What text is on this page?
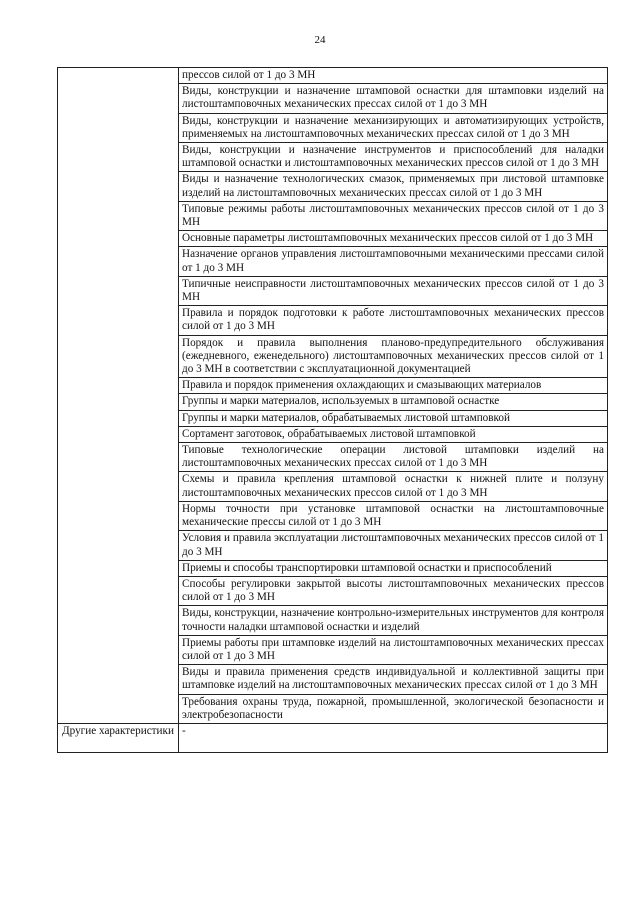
24
	прессов силой от 1 до 3 МН
	Виды, конструкции и назначение штамповой оснастки для штамповки изделий на листоштамповочных механических прессах силой от 1 до 3 МН
	Виды, конструкции и назначение механизирующих и автоматизирующих устройств, применяемых на листоштамповочных механических прессах силой от 1 до 3 МН
	Виды, конструкции и назначение инструментов и приспособлений для наладки штамповой оснастки и листоштамповочных механических прессов силой от 1 до 3 МН
	Виды и назначение технологических смазок, применяемых при листовой штамповке изделий на листоштамповочных механических прессах силой от 1 до 3 МН
	Типовые режимы работы листоштамповочных механических прессов силой от 1 до 3 МН
	Основные параметры листоштамповочных механических прессов силой от 1 до 3 МН
	Назначение органов управления листоштамповочными механическими прессами силой от 1 до 3 МН
	Типичные неисправности листоштамповочных механических прессов силой от 1 до 3 МН
	Правила и порядок подготовки к работе листоштамповочных механических прессов силой от 1 до 3 МН
	Порядок и правила выполнения планово-предупредительного обслуживания (ежедневного, еженедельного) листоштамповочных механических прессов силой от 1 до 3 МН в соответствии с эксплуатационной документацией
	Правила и порядок применения охлаждающих и смазывающих материалов
	Группы и марки материалов, используемых в штамповой оснастке
	Группы и марки материалов, обрабатываемых листовой штамповкой
	Сортамент заготовок, обрабатываемых листовой штамповкой
	Типовые технологические операции листовой штамповки изделий на листоштамповочных механических прессах силой от 1 до 3 МН
	Схемы и правила крепления штамповой оснастки к нижней плите и ползуну листоштамповочных механических прессов силой от 1 до 3 МН
	Нормы точности при установке штамповой оснастки на листоштамповочные механические прессы силой от 1 до 3 МН
	Условия и правила эксплуатации листоштамповочных механических прессов силой от 1 до 3 МН
	Приемы и способы транспортировки штамповой оснастки и приспособлений
	Способы регулировки закрытой высоты листоштамповочных механических прессов силой от 1 до 3 МН
	Виды, конструкции, назначение контрольно-измерительных инструментов для контроля точности наладки штамповой оснастки и изделий
	Приемы работы при штамповке изделий на листоштамповочных механических прессах силой от 1 до 3 МН
	Виды и правила применения средств индивидуальной и коллективной защиты при штамповке изделий на листоштамповочных механических прессах силой от 1 до 3 МН
	Требования охраны труда, пожарной, промышленной, экологической безопасности и электробезопасности
Другие характеристики	-
